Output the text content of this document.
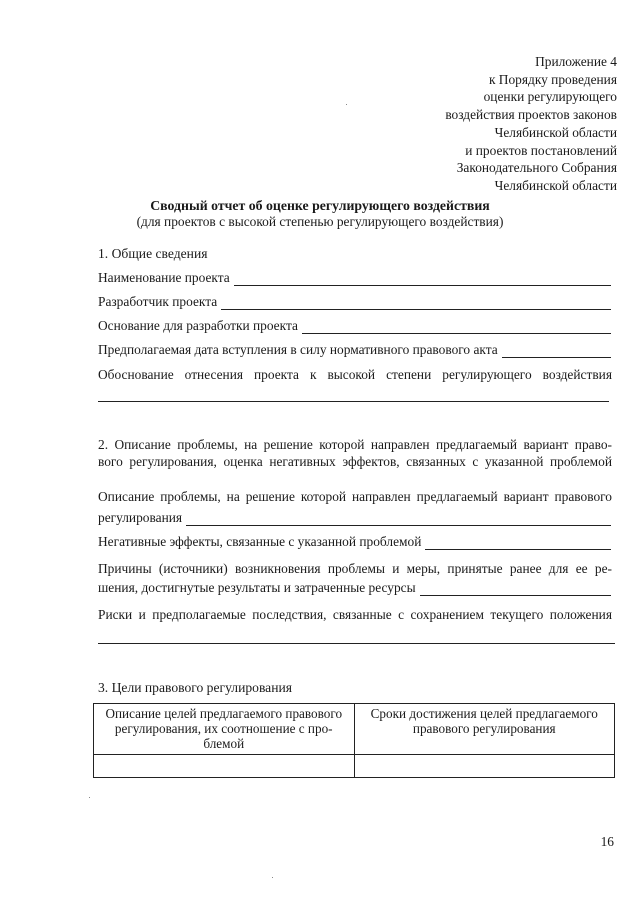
Приложение 4
к Порядку проведения
оценки регулирующего
воздействия проектов законов
Челябинской области
и проектов постановлений
Законодательного Собрания
Челябинской области
Сводный отчет об оценке регулирующего воздействия
(для проектов с высокой степенью регулирующего воздействия)
1. Общие сведения
Наименование проекта
Разработчик проекта
Основание для разработки проекта
Предполагаемая дата вступления в силу нормативного правового акта
Обоснование отнесения проекта к высокой степени регулирующего воздействия
2. Описание проблемы, на решение которой направлен предлагаемый вариант право-
вого регулирования, оценка негативных эффектов, связанных с указанной проблемой
Описание проблемы, на решение которой направлен предлагаемый вариант правового
регулирования
Негативные эффекты, связанные с указанной проблемой
Причины (источники) возникновения проблемы и меры, принятые ранее для ее ре-
шения, достигнутые результаты и затраченные ресурсы
Риски и предполагаемые последствия, связанные с сохранением текущего положения
3. Цели правового регулирования
Описание целей предлагаемого правового регулирования, их соотношение с про-блемой	Сроки достижения целей предлагаемого правового регулирования

16
